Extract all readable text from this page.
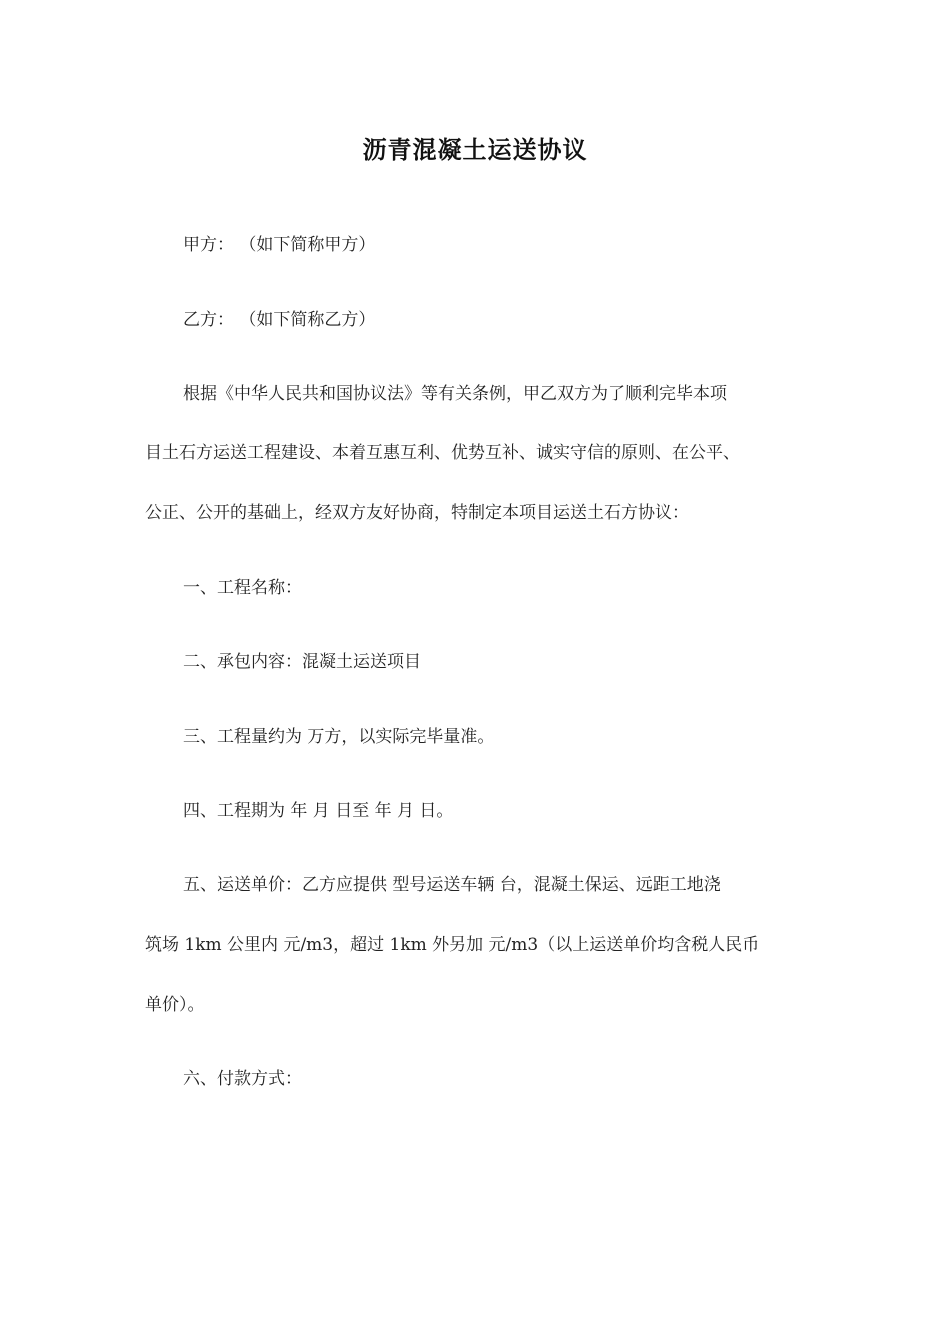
沥青混凝土运送协议
甲方： （如下简称甲方）
乙方： （如下简称乙方）
根据《中华人民共和国协议法》等有关条例，甲乙双方为了顺利完毕本项
目土石方运送工程建设、本着互惠互利、优势互补、诚实守信的原则、在公平、
公正、公开的基础上，经双方友好协商，特制定本项目运送土石方协议：
一、工程名称：
二、承包内容：混凝土运送项目
三、工程量约为 万方，以实际完毕量准。
四、工程期为 年 月 日至 年 月 日。
五、运送单价：乙方应提供 型号运送车辆 台，混凝土保运、远距工地浇
筑场 1km 公里内 元/m3，超过 1km 外另加 元/m3（以上运送单价均含税人民币
单价）。
六、付款方式：
